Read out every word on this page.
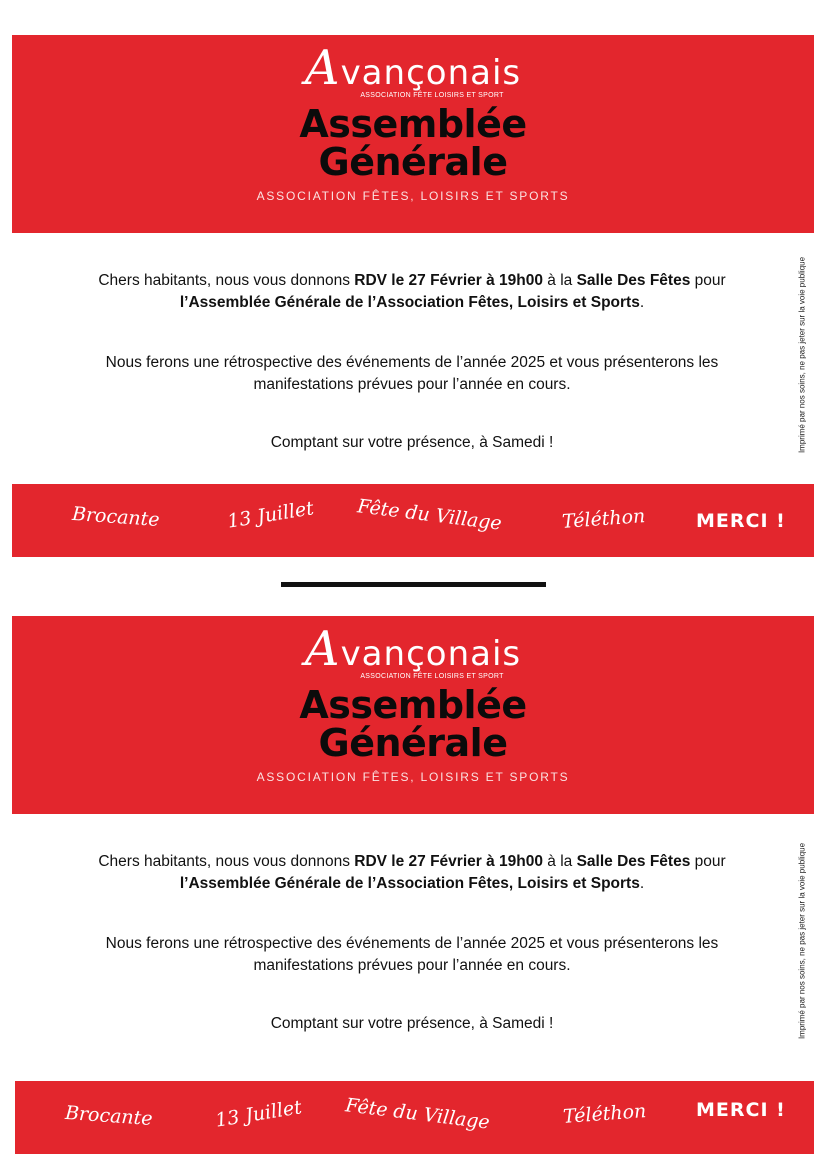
Avançonais
ASSOCIATION FÊTE LOISIRS ET SPORT
Assemblée
Générale
ASSOCIATION FÊTES, LOISIRS ET SPORTS
Imprimé par nos soins, ne pas jeter sur la voie publique

Chers habitants, nous vous donnons RDV le 27 Février à 19h00 à la Salle Des Fêtes pour
l’Assemblée Générale de l’Association Fêtes, Loisirs et Sports.

Nous ferons une rétrospective des événements de l’année 2025 et vous présenterons les
manifestations prévues pour l’année en cours.

Comptant sur votre présence, à Samedi !

Brocante	13 Juillet Fête du Village	Téléthon	MERCI !
Avançonais
ASSOCIATION FÊTE LOISIRS ET SPORT
Assemblée
Générale
ASSOCIATION FÊTES, LOISIRS ET SPORTS
Imprimé par nos soins, ne pas jeter sur la voie publique

Chers habitants, nous vous donnons RDV le 27 Février à 19h00 à la Salle Des Fêtes pour
l’Assemblée Générale de l’Association Fêtes, Loisirs et Sports.

Nous ferons une rétrospective des événements de l’année 2025 et vous présenterons les
manifestations prévues pour l’année en cours.

Comptant sur votre présence, à Samedi !

Brocante	13 Juillet Fête du Village	Téléthon	MERCI !
